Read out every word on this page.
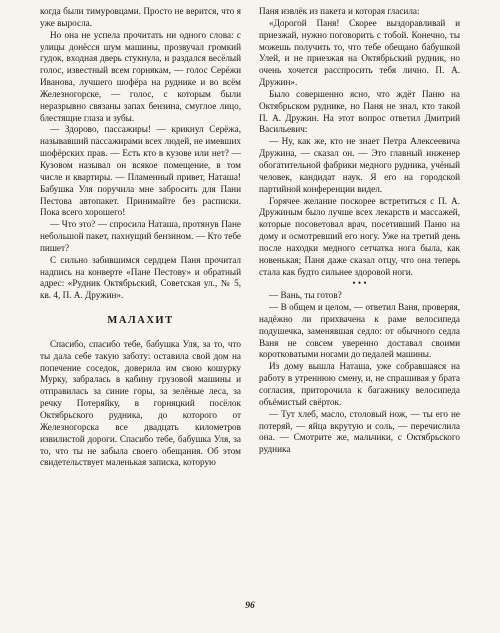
когда были тимуровцами. Просто не верится, что я уже выросла.

Но она не успела прочитать ни одного слова: с улицы донёсся шум машины, прозвучал громкий гудок, входная дверь стукнула, и раздался весёлый голос, известный всем горнякам, — голос Серёжи Иванова, лучшего шофёра на руднике и во всём Железногорске, — голос, с которым были неразрывно связаны запах бензина, смуглое лицо, блестящие глаза и зубы.

— Здорово, пассажиры! — крикнул Серёжа, называвший пассажирами всех людей, не имевших шофёрских прав. — Есть кто в кузове или нет? — Кузовом называл он всякое помещение, в том числе и квартиры. — Пламенный привет, Наташа! Бабушка Уля поручила мне забросить для Пани Пестова автопакет. Принимайте без расписки. Пока всего хорошего!

— Что это? — спросила Наташа, протянув Пане небольшой пакет, пахнущий бензином. — Кто тебе пишет?

С сильно забившимся сердцем Паня прочитал надпись на конверте «Пане Пестову» и обратный адрес: «Рудник Октябрьский, Советская ул., № 5, кв. 4, П. А. Дружин».

МАЛАХИТ

Спасибо, спасибо тебе, бабушка Уля, за то, что ты дала себе такую заботу: оставила свой дом на попечение соседок, доверила им свою кошурку Мурку, забралась в кабину грузовой машины и отправилась за синие горы, за зелёные леса, за речку Потеряйку, в горняцкий посёлок Октябрьского рудника, до которого от Железногорска все двадцать километров извилистой дороги. Спасибо тебе, бабушка Уля, за то, что ты не забыла своего обещания. Об этом свидетельствует маленькая записка, которую

Паня извлёк из пакета и которая гласила:

«Дорогой Паня! Скорее выздоравливай и приезжай, нужно поговорить с тобой. Конечно, ты можешь получить то, что тебе обещано бабушкой Улей, и не приезжая на Октябрьский рудник, но очень хочется расспросить тебя лично. П. А. Дружин».

Было совершенно ясно, что ждёт Паню на Октябрьском руднике, но Паня не знал, кто такой П. А. Дружин. На этот вопрос ответил Дмитрий Васильевич:

— Ну, как же, кто не знает Петра Алексеевича Дружина, — сказал он. — Это главный инженер обогатительной фабрики медного рудника, учёный человек, кандидат наук. Я его на городской партийной конференции видел.

Горячее желание поскорее встретиться с П. А. Дружиным было лучше всех лекарств и массажей, которые посоветовал врач, посетивший Паню на дому и осмотревший его ногу. Уже на третий день после находки медного сетчатка нога была, как новенькая; Паня даже сказал отцу, что она теперь стала как будто сильнее здоровой ноги.

• • •

— Вань, ты готов?

— В общем и целом, — ответил Ваня, проверяя, надёжно ли прихвачена к раме велосипеда подушечка, заменявшая седло: от обычного седла Ваня не совсем уверенно доставал своими коротковатыми ногами до педалей машины.

Из дому вышла Наташа, уже собравшаяся на работу в утреннюю смену, и, не спрашивая у брата согласия, приторочила к багажнику велосипеда объёмистый свёрток.

— Тут хлеб, масло, столовый нож, — ты его не потеряй, — яйца вкрутую и соль, — перечислила она. — Смотрите же, мальчики, с Октябрьского рудника

96
